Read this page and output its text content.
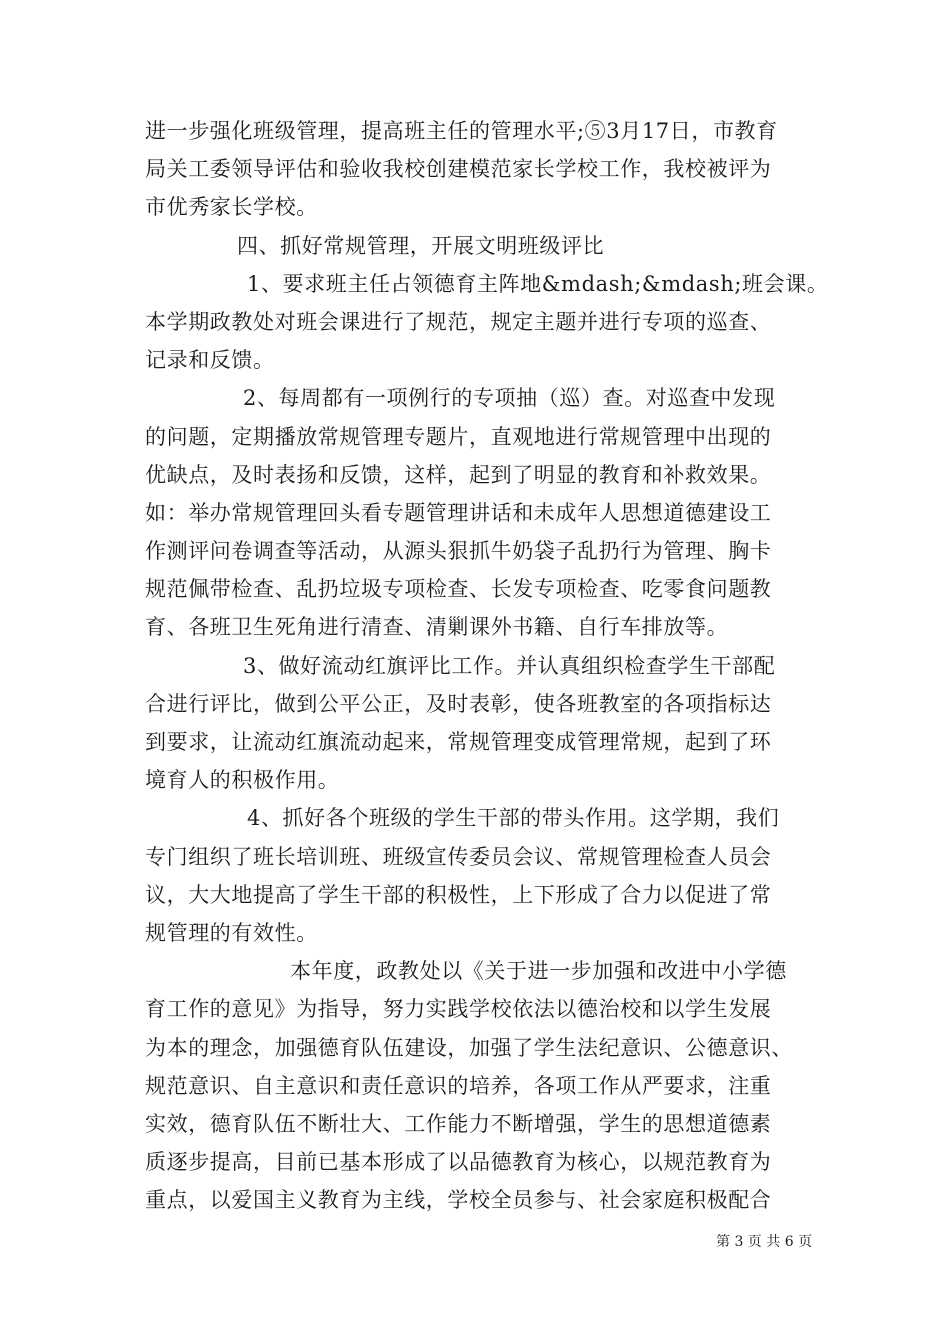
进一步强化班级管理，提高班主任的管理水平;⑤3月17日，市教育
局关工委领导评估和验收我校创建模范家长学校工作，我校被评为
市优秀家长学校。
四、抓好常规管理，开展文明班级评比
1、要求班主任占领德育主阵地&mdash;&mdash;班会课。
本学期政教处对班会课进行了规范，规定主题并进行专项的巡查、
记录和反馈。
2、每周都有一项例行的专项抽（巡）查。对巡查中发现
的问题，定期播放常规管理专题片，直观地进行常规管理中出现的
优缺点，及时表扬和反馈，这样，起到了明显的教育和补救效果。
如：举办常规管理回头看专题管理讲话和未成年人思想道德建设工
作测评问卷调查等活动，从源头狠抓牛奶袋子乱扔行为管理、胸卡
规范佩带检查、乱扔垃圾专项检查、长发专项检查、吃零食问题教
育、各班卫生死角进行清查、清剿课外书籍、自行车排放等。
3、做好流动红旗评比工作。并认真组织检查学生干部配
合进行评比，做到公平公正，及时表彰，使各班教室的各项指标达
到要求，让流动红旗流动起来，常规管理变成管理常规，起到了环
境育人的积极作用。
4、抓好各个班级的学生干部的带头作用。这学期，我们
专门组织了班长培训班、班级宣传委员会议、常规管理检查人员会
议，大大地提高了学生干部的积极性，上下形成了合力以促进了常
规管理的有效性。
本年度，政教处以《关于进一步加强和改进中小学德
育工作的意见》为指导，努力实践学校依法以德治校和以学生发展
为本的理念，加强德育队伍建设，加强了学生法纪意识、公德意识、
规范意识、自主意识和责任意识的培养，各项工作从严要求，注重
实效，德育队伍不断壮大、工作能力不断增强，学生的思想道德素
质逐步提高，目前已基本形成了以品德教育为核心，以规范教育为
重点，以爱国主义教育为主线，学校全员参与、社会家庭积极配合
第 3 页 共 6 页
